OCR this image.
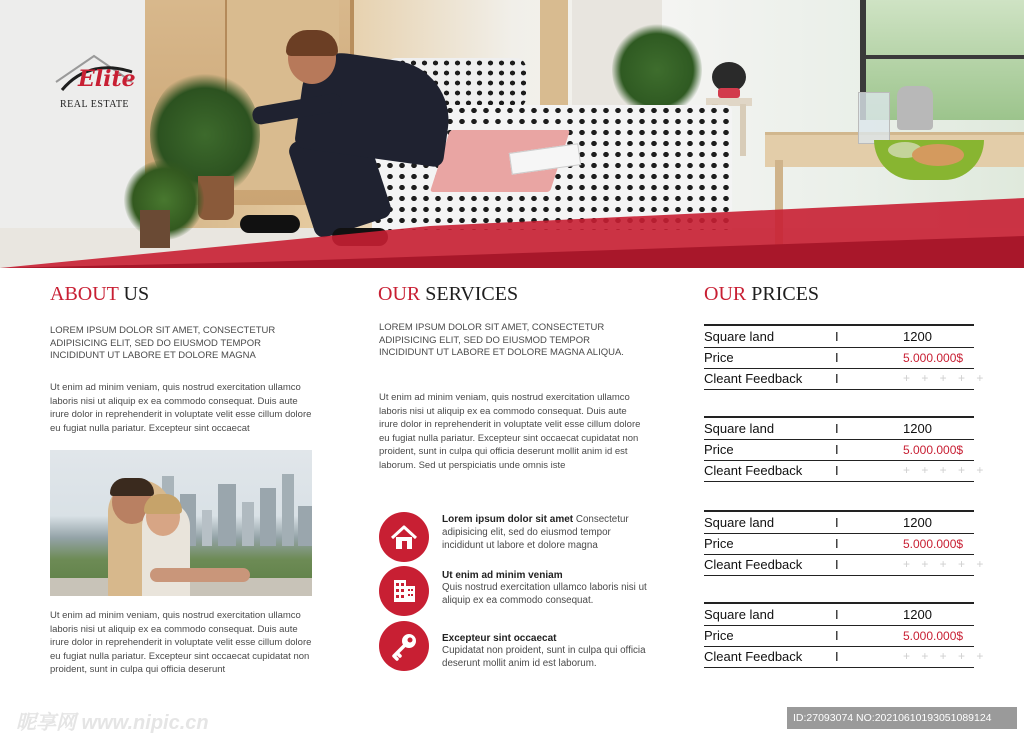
Elite
REAL ESTATE
ABOUT US
LOREM IPSUM DOLOR SIT AMET, CONSECTETUR ADIPISICING ELIT, SED DO EIUSMOD TEMPOR INCIDIDUNT UT LABORE ET DOLORE MAGNA
Ut enim ad minim veniam, quis nostrud exercitation ullamco laboris nisi ut aliquip ex ea commodo consequat. Duis aute irure dolor in reprehenderit in voluptate velit esse cillum dolore eu fugiat nulla pariatur. Excepteur sint occaecat
Ut enim ad minim veniam, quis nostrud exercitation ullamco laboris nisi ut aliquip ex ea commodo consequat. Duis aute irure dolor in reprehenderit in voluptate velit esse cillum dolore eu fugiat nulla pariatur. Excepteur sint occaecat cupidatat non proident, sunt in culpa qui officia deserunt
OUR SERVICES
LOREM IPSUM DOLOR SIT AMET, CONSECTETUR ADIPISICING ELIT, SED DO EIUSMOD TEMPOR INCIDIDUNT UT LABORE ET DOLORE MAGNA ALIQUA.
Ut enim ad minim veniam, quis nostrud exercitation ullamco laboris nisi ut aliquip ex ea commodo consequat. Duis aute irure dolor in reprehenderit in voluptate velit esse cillum dolore eu fugiat nulla pariatur. Excepteur sint occaecat cupidatat non proident, sunt in culpa qui officia deserunt mollit anim id est laborum. Sed ut perspiciatis unde omnis iste
Lorem ipsum dolor sit amet Consectetur adipisicing elit, sed do eiusmod tempor incididunt ut labore et dolore magna
Ut enim ad minim veniam
Quis nostrud exercitation ullamco laboris nisi ut aliquip ex ea commodo consequat.
Excepteur sint occaecat
Cupidatat non proident, sunt in culpa qui officia deserunt mollit anim id est laborum.
OUR PRICES
Square land	I	1200
Price	I	5.000.000$
Cleant Feedback	I	+ + + + +
Square land	I	1200
Price	I	5.000.000$
Cleant Feedback	I	+ + + + +
Square land	I	1200
Price	I	5.000.000$
Cleant Feedback	I	+ + + + +
Square land	I	1200
Price	I	5.000.000$
Cleant Feedback	I	+ + + + +
昵享网 www.nipic.cn	ID:27093074 NO:20210610193051089124
